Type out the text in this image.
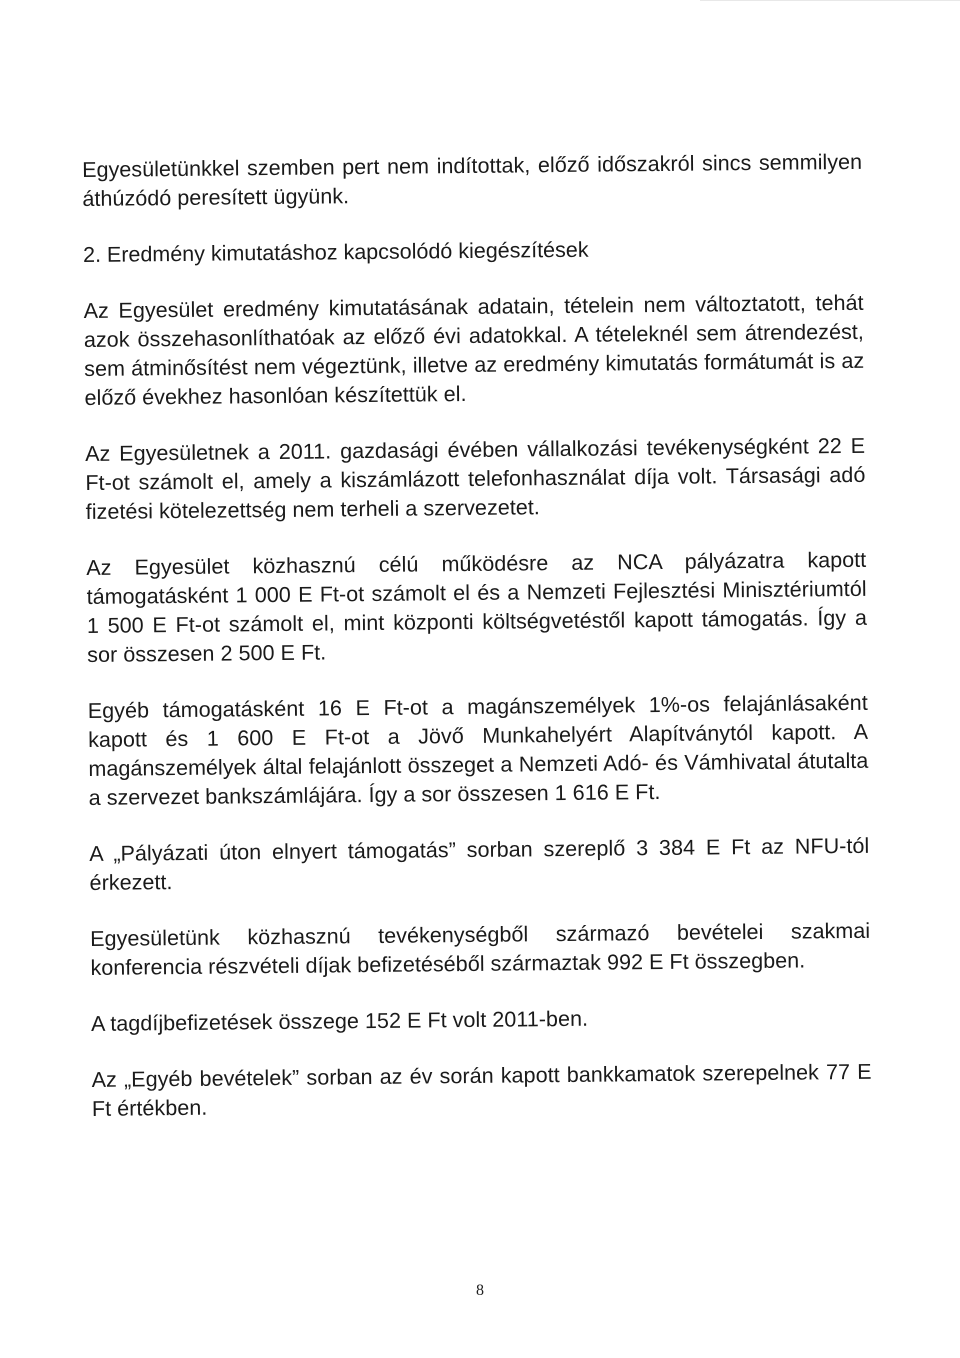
Egyesületünkkel szemben pert nem indítottak, előző időszakról sincs semmilyen áthúzódó peresített ügyünk.

2. Eredmény kimutatáshoz kapcsolódó kiegészítések

Az Egyesület eredmény kimutatásának adatain, tételein nem változtatott, tehát azok összehasonlíthatóak az előző évi adatokkal. A tételeknél sem átrendezést, sem átminősítést nem végeztünk, illetve az eredmény kimutatás formátumát is az előző évekhez hasonlóan készítettük el.

Az Egyesületnek a 2011. gazdasági évében vállalkozási tevékenységként 22 E Ft-ot számolt el, amely a kiszámlázott telefonhasználat díja volt. Társasági adó fizetési kötelezettség nem terheli a szervezetet.

Az Egyesület közhasznú célú működésre az NCA pályázatra kapott támogatásként 1 000 E Ft-ot számolt el és a Nemzeti Fejlesztési Minisztériumtól 1 500 E Ft-ot számolt el, mint központi költségvetéstől kapott támogatás. Így a sor összesen 2 500 E Ft.

Egyéb támogatásként 16 E Ft-ot a magánszemélyek 1%-os felajánlásaként kapott és 1 600 E Ft-ot a Jövő Munkahelyért Alapítványtól kapott. A magánszemélyek által felajánlott összeget a Nemzeti Adó- és Vámhivatal átutalta a szervezet bankszámlájára. Így a sor összesen 1 616 E Ft.

A „Pályázati úton elnyert támogatás” sorban szereplő 3 384 E Ft az NFU-tól érkezett.

Egyesületünk közhasznú tevékenységből származó bevételei szakmai konferencia részvételi díjak befizetéséből származtak 992 E Ft összegben.

A tagdíjbefizetések összege 152 E Ft volt 2011-ben.

Az „Egyéb bevételek” sorban az év során kapott bankkamatok szerepelnek 77 E Ft értékben.

8
